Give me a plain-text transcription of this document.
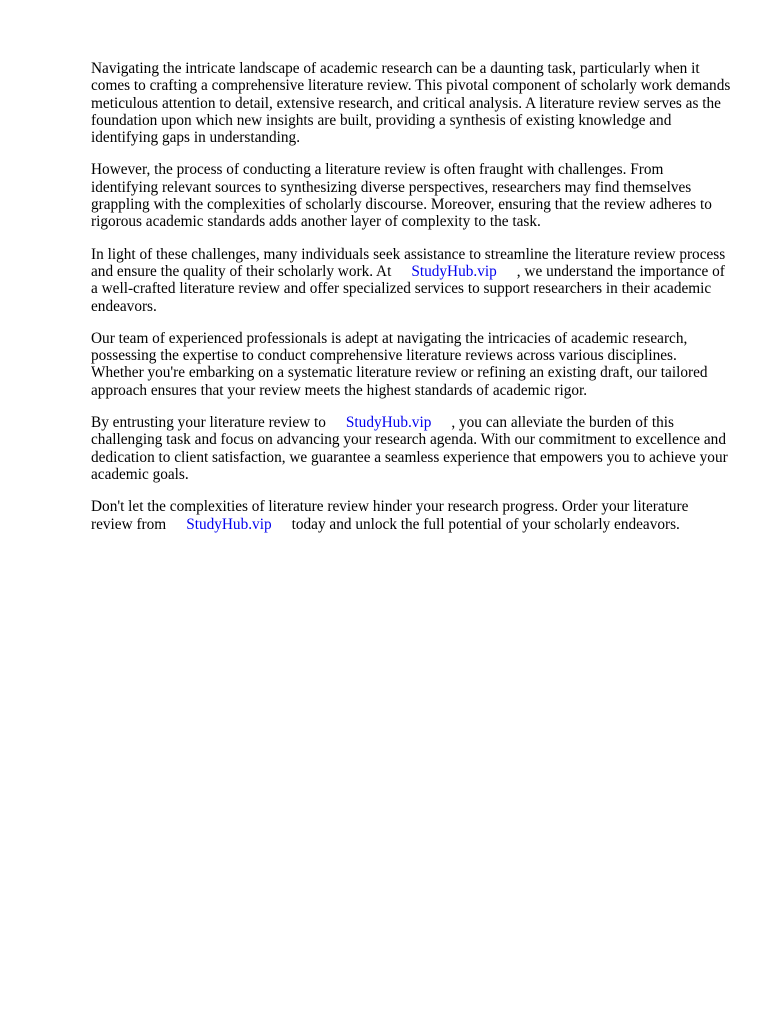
Navigating the intricate landscape of academic research can be a daunting task, particularly when it comes to crafting a comprehensive literature review. This pivotal component of scholarly work demands meticulous attention to detail, extensive research, and critical analysis. A literature review serves as the foundation upon which new insights are built, providing a synthesis of existing knowledge and identifying gaps in understanding.

However, the process of conducting a literature review is often fraught with challenges. From identifying relevant sources to synthesizing diverse perspectives, researchers may find themselves grappling with the complexities of scholarly discourse. Moreover, ensuring that the review adheres to rigorous academic standards adds another layer of complexity to the task.

In light of these challenges, many individuals seek assistance to streamline the literature review process and ensure the quality of their scholarly work. At StudyHub.vip , we understand the importance of a well-crafted literature review and offer specialized services to support researchers in their academic endeavors.

Our team of experienced professionals is adept at navigating the intricacies of academic research, possessing the expertise to conduct comprehensive literature reviews across various disciplines. Whether you're embarking on a systematic literature review or refining an existing draft, our tailored approach ensures that your review meets the highest standards of academic rigor.

By entrusting your literature review to StudyHub.vip , you can alleviate the burden of this challenging task and focus on advancing your research agenda. With our commitment to excellence and dedication to client satisfaction, we guarantee a seamless experience that empowers you to achieve your academic goals.

Don't let the complexities of literature review hinder your research progress. Order your literature review from StudyHub.vip today and unlock the full potential of your scholarly endeavors.
